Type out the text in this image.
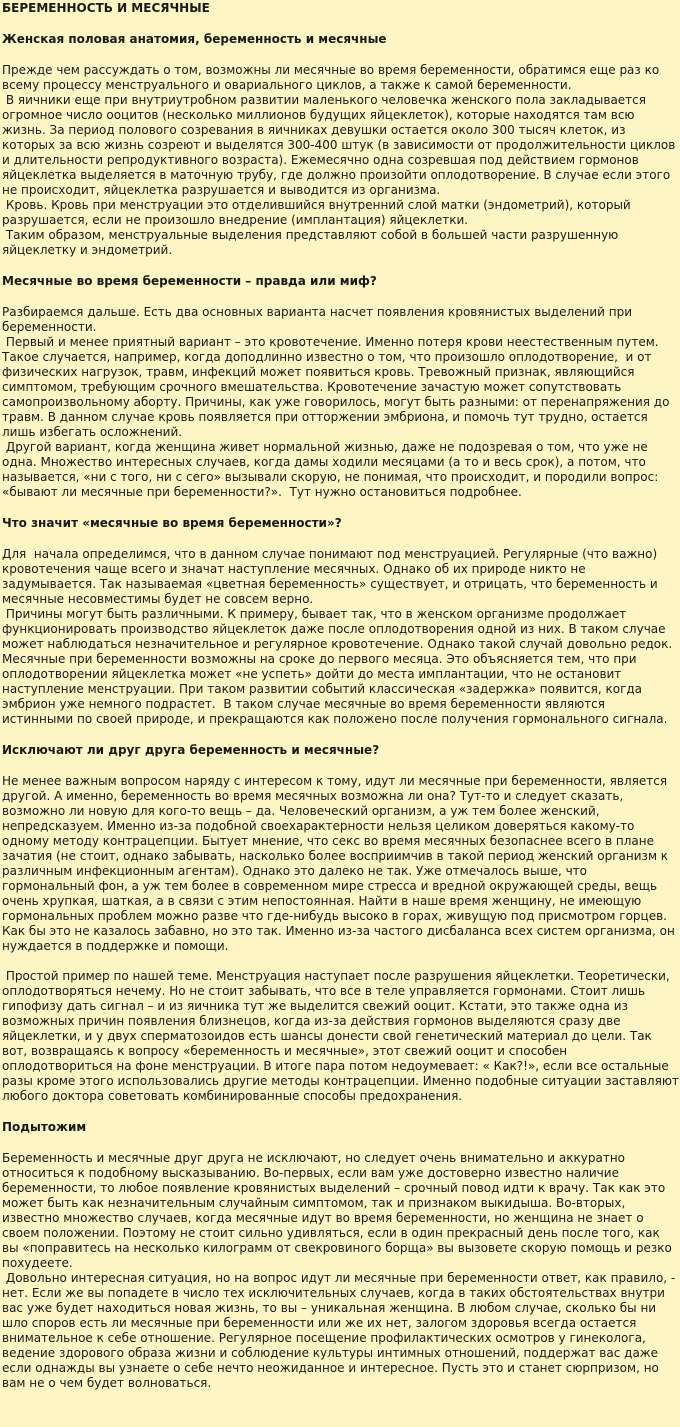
БЕРЕМЕННОСТЬ И МЕСЯЧНЫЕ
Женская половая анатомия, беременность и месячные

Прежде чем рассуждать о том, возможны ли месячные во время беременности, обратимся еще раз ко всему процессу менструального и овариального циклов, а также к самой беременности.

В яичники еще при внутриутробном развитии маленького человечка женского пола закладывается огромное число ооцитов (несколько миллионов будущих яйцеклеток), которые находятся там всю жизнь. За период полового созревания в яичниках девушки остается около 300 тысяч клеток, из которых за всю жизнь созреют и выделятся 300-400 штук (в зависимости от продолжительности циклов и длительности репродуктивного возраста). Ежемесячно одна созревшая под действием гормонов яйцеклетка выделяется в маточную трубу, где должно произойти оплодотворение. В случае если этого не происходит, яйцеклетка разрушается и выводится из организма.

Кровь. Кровь при менструации это отделившийся внутренний слой матки (эндометрий), который разрушается, если не произошло внедрение (имплантация) яйцеклетки.

Таким образом, менструальные выделения представляют собой в большей части разрушенную яйцеклетку и эндометрий.

Месячные во время беременности – правда или миф?

Разбираемся дальше. Есть два основных варианта насчет появления кровянистых выделений при беременности.

Первый и менее приятный вариант – это кровотечение. Именно потеря крови неестественным путем. Такое случается, например, когда доподлинно известно о том, что произошло оплодотворение,  и от физических нагрузок, травм, инфекций может появиться кровь. Тревожный признак, являющийся симптомом, требующим срочного вмешательства. Кровотечение зачастую может сопутствовать самопроизвольному аборту. Причины, как уже говорилось, могут быть разными: от перенапряжения до травм. В данном случае кровь появляется при отторжении эмбриона, и помочь тут трудно, остается лишь избегать осложнений.

Другой вариант, когда женщина живет нормальной жизнью, даже не подозревая о том, что уже не одна. Множество интересных случаев, когда дамы ходили месяцами (а то и весь срок), а потом, что называется, «ни с того, ни с сего» вызывали скорую, не понимая, что происходит, и породили вопрос: «бывают ли месячные при беременности?».  Тут нужно остановиться подробнее.

Что значит «месячные во время беременности»?

Для  начала определимся, что в данном случае понимают под менструацией. Регулярные (что важно) кровотечения чаще всего и значат наступление месячных. Однако об их природе никто не задумывается. Так называемая «цветная беременность» существует, и отрицать, что беременность и месячные несовместимы будет не совсем верно.

Причины могут быть различными. К примеру, бывает так, что в женском организме продолжает функционировать производство яйцеклеток даже после оплодотворения одной из них. В таком случае может наблюдаться незначительное и регулярное кровотечение. Однако такой случай довольно редок. Месячные при беременности возможны на сроке до первого месяца. Это объясняется тем, что при оплодотворении яйцеклетка может «не успеть» дойти до места имплантации, что не остановит наступление менструации. При таком развитии событий классическая «задержка» появится, когда эмбрион уже немного подрастет.  В таком случае месячные во время беременности являются истинными по своей природе, и прекращаются как положено после получения гормонального сигнала.

Исключают ли друг друга беременность и месячные?

Не менее важным вопросом наряду с интересом к тому, идут ли месячные при беременности, является другой. А именно, беременность во время месячных возможна ли она? Тут-то и следует сказать, возможно ли новую для кого-то вещь – да. Человеческий организм, а уж тем более женский, непредсказуем. Именно из-за подобной своехарактерности нельзя целиком доверяться какому-то одному методу контрацепции. Бытует мнение, что секс во время месячных безопаснее всего в плане зачатия (не стоит, однако забывать, насколько более восприимчив в такой период женский организм к различным инфекционным агентам). Однако это далеко не так. Уже отмечалось выше, что гормональный фон, а уж тем более в современном мире стресса и вредной окружающей среды, вещь очень хрупкая, шаткая, а в связи с этим непостоянная. Найти в наше время женщину, не имеющую гормональных проблем можно разве что где-нибудь высоко в горах, живущую под присмотром горцев. Как бы это не казалось забавно, но это так. Именно из-за частого дисбаланса всех систем организма, он нуждается в поддержке и помощи.

Простой пример по нашей теме. Менструация наступает после разрушения яйцеклетки. Теоретически, оплодотворяться нечему. Но не стоит забывать, что все в теле управляется гормонами. Стоит лишь гипофизу дать сигнал – и из яичника тут же выделится свежий ооцит. Кстати, это также одна из возможных причин появления близнецов, когда из-за действия гормонов выделяются сразу две яйцеклетки, и у двух сперматозоидов есть шансы донести свой генетический материал до цели. Так вот, возвращаясь к вопросу «беременность и месячные», этот свежий ооцит и способен оплодотвориться на фоне менструации. В итоге пара потом недоумевает: « Как?!», если все остальные разы кроме этого использовались другие методы контрацепции. Именно подобные ситуации заставляют любого доктора советовать комбинированные способы предохранения.

Подытожим

Беременность и месячные друг друга не исключают, но следует очень внимательно и аккуратно относиться к подобному высказыванию. Во-первых, если вам уже достоверно известно наличие беременности, то любое появление кровянистых выделений – срочный повод идти к врачу. Так как это может быть как незначительным случайным симптомом, так и признаком выкидыша. Во-вторых, известно множество случаев, когда месячные идут во время беременности, но женщина не знает о своем положении. Поэтому не стоит сильно удивляться, если в один прекрасный день после того, как вы «поправитесь на несколько килограмм от свекровиного борща» вы вызовете скорую помощь и резко похудеете.

Довольно интересная ситуация, но на вопрос идут ли месячные при беременности ответ, как правило, - нет. Если же вы попадете в число тех исключительных случаев, когда в таких обстоятельствах внутри вас уже будет находиться новая жизнь, то вы – уникальная женщина. В любом случае, сколько бы ни шло споров есть ли месячные при беременности или же их нет, залогом здоровья всегда остается внимательное к себе отношение. Регулярное посещение профилактических осмотров у гинеколога, ведение здорового образа жизни и соблюдение культуры интимных отношений, поддержат вас даже если однажды вы узнаете о себе нечто неожиданное и интересное. Пусть это и станет сюрпризом, но вам не о чем будет волноваться.
